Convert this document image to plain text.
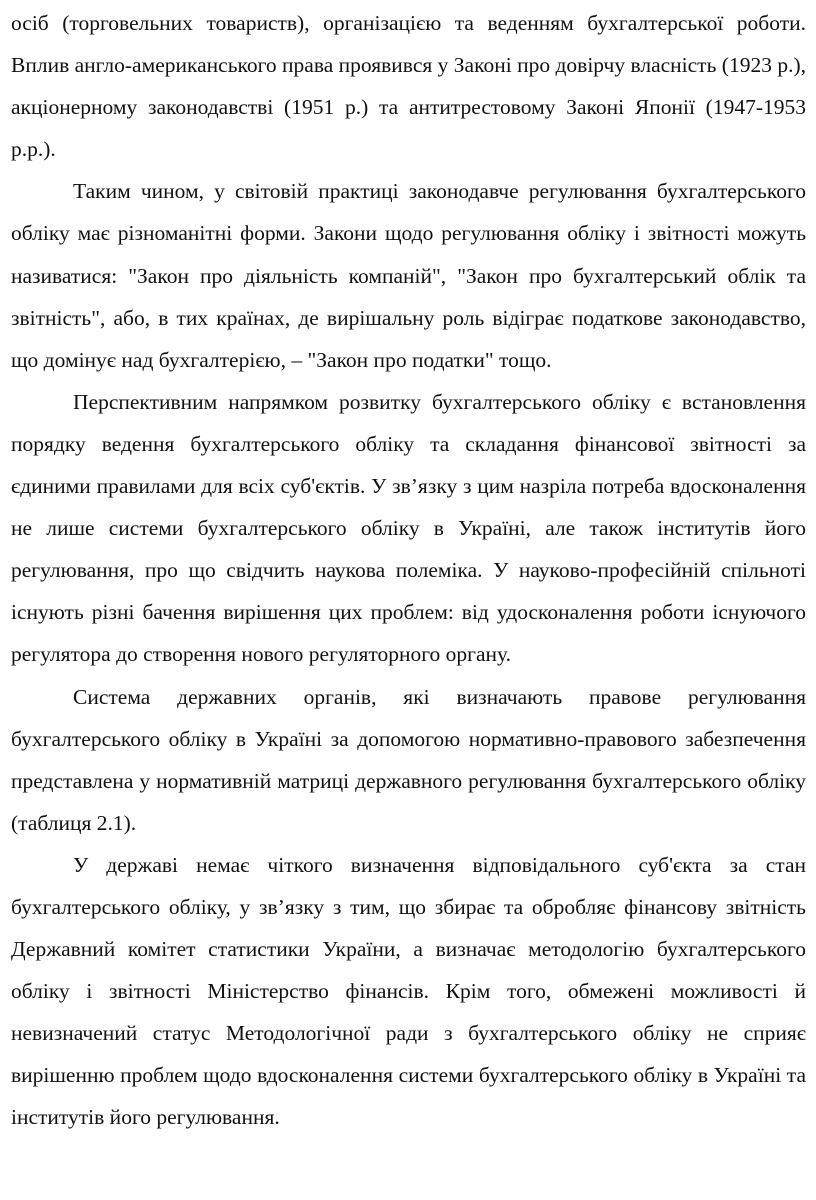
осіб (торговельних товариств), організацією та веденням бухгалтерської роботи. Вплив англо-американського права проявився у Законі про довірчу власність (1923 р.), акціонерному законодавстві (1951 р.) та антитрестовому Законі Японії (1947-1953 р.р.).

Таким чином, у світовій практиці законодавче регулювання бухгалтерського обліку має різноманітні форми. Закони щодо регулювання обліку і звітності можуть називатися: "Закон про діяльність компаній", "Закон про бухгалтерський облік та звітність", або, в тих країнах, де вирішальну роль відіграє податкове законодавство, що домінує над бухгалтерією, – "Закон про податки" тощо.

Перспективним напрямком розвитку бухгалтерського обліку є встановлення порядку ведення бухгалтерського обліку та складання фінансової звітності за єдиними правилами для всіх суб'єктів. У зв’язку з цим назріла потреба вдосконалення не лише системи бухгалтерського обліку в Україні, але також інститутів його регулювання, про що свідчить наукова полеміка. У науково-професійній спільноті існують різні бачення вирішення цих проблем: від удосконалення роботи існуючого регулятора до створення нового регуляторного органу.

Система державних органів, які визначають правове регулювання бухгалтерського обліку в Україні за допомогою нормативно-правового забезпечення представлена у нормативній матриці державного регулювання бухгалтерського обліку (таблиця 2.1).

У державі немає чіткого визначення відповідального суб'єкта за стан бухгалтерського обліку, у зв’язку з тим, що збирає та обробляє фінансову звітність Державний комітет статистики України, а визначає методологію бухгалтерського обліку і звітності Міністерство фінансів. Крім того, обмежені можливості й невизначений статус Методологічної ради з бухгалтерського обліку не сприяє вирішенню проблем щодо вдосконалення системи бухгалтерського обліку в Україні та інститутів його регулювання.
